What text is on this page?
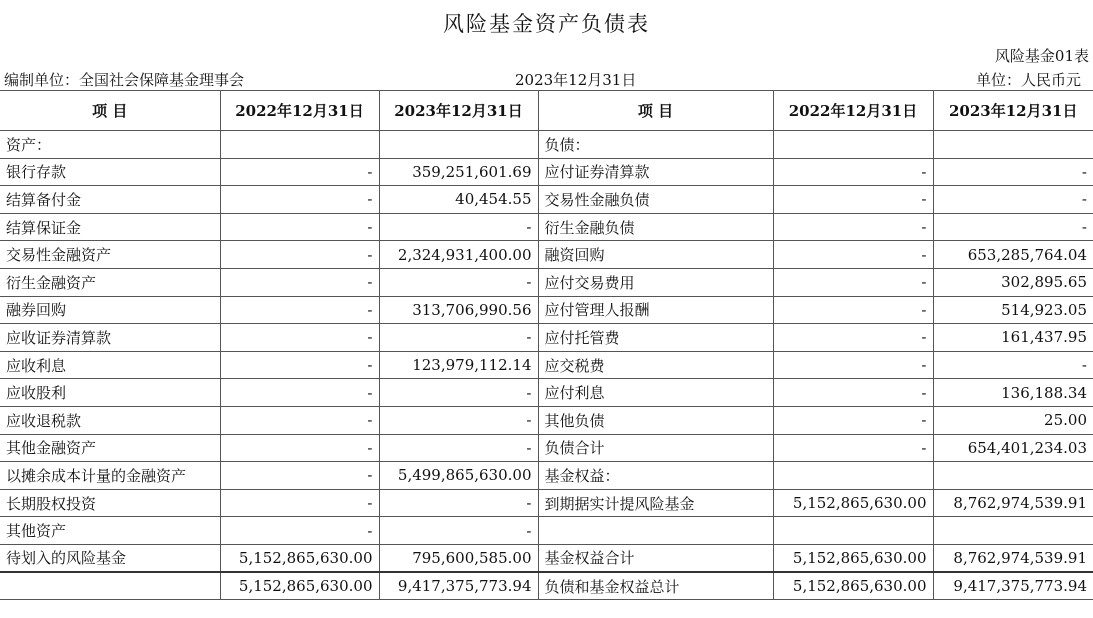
风险基金资产负债表
风险基金01表
编制单位：全国社会保障基金理事会	2023年12月31日	单位：人民币元
项 目	2022年12月31日	2023年12月31日	项 目	2022年12月31日	2023年12月31日
资产：			负债：		
银行存款	-	359,251,601.69	应付证券清算款	-	-
结算备付金	-	40,454.55	交易性金融负债	-	-
结算保证金	-	-	衍生金融负债	-	-
交易性金融资产	-	2,324,931,400.00	融资回购	-	653,285,764.04
衍生金融资产	-	-	应付交易费用	-	302,895.65
融券回购	-	313,706,990.56	应付管理人报酬	-	514,923.05
应收证券清算款	-	-	应付托管费	-	161,437.95
应收利息	-	123,979,112.14	应交税费	-	-
应收股利	-	-	应付利息	-	136,188.34
应收退税款	-	-	其他负债	-	25.00
其他金融资产	-	-	负债合计	-	654,401,234.03
以摊余成本计量的金融资产	-	5,499,865,630.00	基金权益：		
长期股权投资	-	-	到期据实计提风险基金	5,152,865,630.00	8,762,974,539.91
其他资产	-	-			
待划入的风险基金	5,152,865,630.00	795,600,585.00	基金权益合计	5,152,865,630.00	8,762,974,539.91
	5,152,865,630.00	9,417,375,773.94	负债和基金权益总计	5,152,865,630.00	9,417,375,773.94
